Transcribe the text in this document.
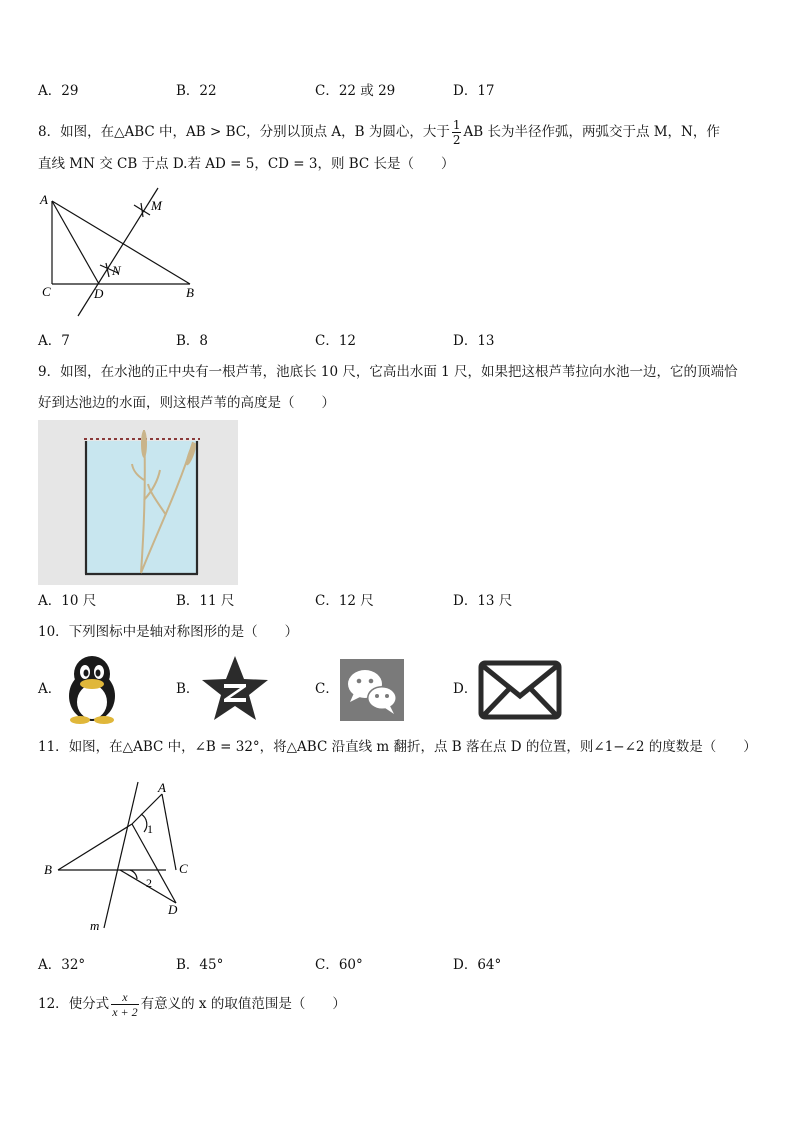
A．29	B．22	C．22 或 29	D．17
8．如图，在△ABC 中，AB > BC，分别以顶点 A，B 为圆心，大于 $\frac{1}{2}$ AB 长为半径作弧，两弧交于点 M，N，作
直线 MN 交 CB 于点 D.若 AD = 5，CD = 3，则 BC 长是（　　）
A
C	D	B
M
N
A．7	B．8	C．12	D．13
9．如图，在水池的正中央有一根芦苇，池底长 10 尺，它高出水面 1 尺，如果把这根芦苇拉向水池一边，它的顶端恰
好到达池边的水面，则这根芦苇的高度是（　　）
A．10 尺	B．11 尺	C．12 尺	D．13 尺
10．下列图标中是轴对称图形的是（　　）
A．	B．	C．	D．
11．如图，在△ABC 中，∠B = 32°，将△ABC 沿直线 m 翻折，点 B 落在点 D 的位置，则∠1−∠2 的度数是（　　）
A
B	C
D
m
1
2
A．32°	B．45°	C．60°	D．64°
12．使分式 $\frac{x}{x + 2}$ 有意义的 x 的取值范围是（　　）
